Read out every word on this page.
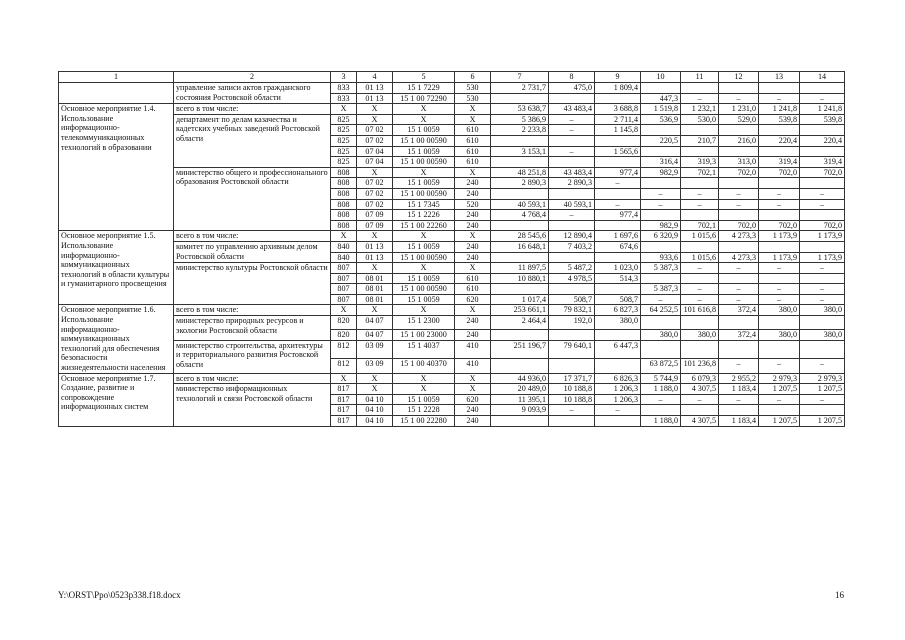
1	2	3	4	5	6	7	8	9	10	11	12	13	14
	управление записи актов гражданского состояния Ростовской области	833	01 13	15 1 7229	530	2 731,7	475,0	1 809,4					
		833	01 13	15 1 00 72290	530				447,3	–	–	–	–
Основное мероприятие 1.4. Использование информационно-телекоммуникационных технологий в образовании	всего в том числе:	X	X	X	X	53 638,7	43 483,4	3 688,8	1 519,8	1 232,1	1 231,0	1 241,8	1 241,8
	департамент по делам казачества и кадетских учебных заведений Ростовской области	825	X	X	X	5 386,9	–	2 711,4	536,9	530,0	529,0	539,8	539,8
		825	07 02	15 1 0059	610	2 233,8	–	1 145,8					
		825	07 02	15 1 00 00590	610				220,5	210,7	216,0	220,4	220,4
		825	07 04	15 1 0059	610	3 153,1	–	1 565,6					
		825	07 04	15 1 00 00590	610				316,4	319,3	313,0	319,4	319,4
	министерство общего и профессионального образования Ростовской области	808	X	X	X	48 251,8	43 483,4	977,4	982,9	702,1	702,0	702,0	702,0
		808	07 02	15 1 0059	240	2 890,3	2 890,3	–					
		808	07 02	15 1 00 00590	240				–	–	–	–	–
		808	07 02	15 1 7345	520	40 593,1	40 593,1	–	–	–	–	–	–
		808	07 09	15 1 2226	240	4 768,4	–	977,4					
		808	07 09	15 1 00 22260	240				982,9	702,1	702,0	702,0	702,0
Основное мероприятие 1.5. Использование информационно-коммуникационных технологий в области культуры и гуманитарного просвещения	всего в том числе:	X	X	X	X	28 545,6	12 890,4	1 697,6	6 320,9	1 015,6	4 273,3	1 173,9	1 173,9
	комитет по управлению архивным делом Ростовской области	840	01 13	15 1 0059	240	16 648,1	7 403,2	674,6					
		840	01 13	15 1 00 00590	240				933,6	1 015,6	4 273,3	1 173,9	1 173,9
	министерство культуры Ростовской области	807	X	X	X	11 897,5	5 487,2	1 023,0	5 387,3	–	–	–	–
		807	08 01	15 1 0059	610	10 880,1	4 978,5	514,3					
		807	08 01	15 1 00 00590	610				5 387,3	–	–	–	–
		807	08 01	15 1 0059	620	1 017,4	508,7	508,7	–	–	–	–	–
Основное мероприятие 1.6. Использование информационно-коммуникационных технологий для обеспечения безопасности жизнедеятельности населения	всего в том числе:	X	X	X	X	253 661,1	79 832,1	6 827,3	64 252,5	101 616,8	372,4	380,0	380,0
	министерство природных ресурсов и экологии Ростовской области	820	04 07	15 1 2300	240	2 464,4	192,0	380,0					
		820	04 07	15 1 00 23000	240				380,0	380,0	372,4	380,0	380,0
	министерство строительства, архитектуры и территориального развития Ростовской области	812	03 09	15 1 4037	410	251 196,7	79 640,1	6 447,3					
		812	03 09	15 1 00 40370	410				63 872,5	101 236,8	–	–	–
Основное мероприятие 1.7. Создание, развитие и сопровождение информационных систем	всего в том числе:	X	X	X	X	44 936,0	17 371,7	6 826,3	5 744,9	6 079,3	2 955,2	2 979,3	2 979,3
	министерство информационных технологий и связи Ростовской области	817	X	X	X	20 489,0	10 188,8	1 206,3	1 188,0	4 307,5	1 183,4	1 207,5	1 207,5
		817	04 10	15 1 0059	620	11 395,1	10 188,8	1 206,3	–	–	–	–	–
		817	04 10	15 1 2228	240	9 093,9	–	–					
		817	04 10	15 1 00 22280	240				1 188,0	4 307,5	1 183,4	1 207,5	1 207,5
Y:\ORST\Ppo\0523p338.f18.docx	16
